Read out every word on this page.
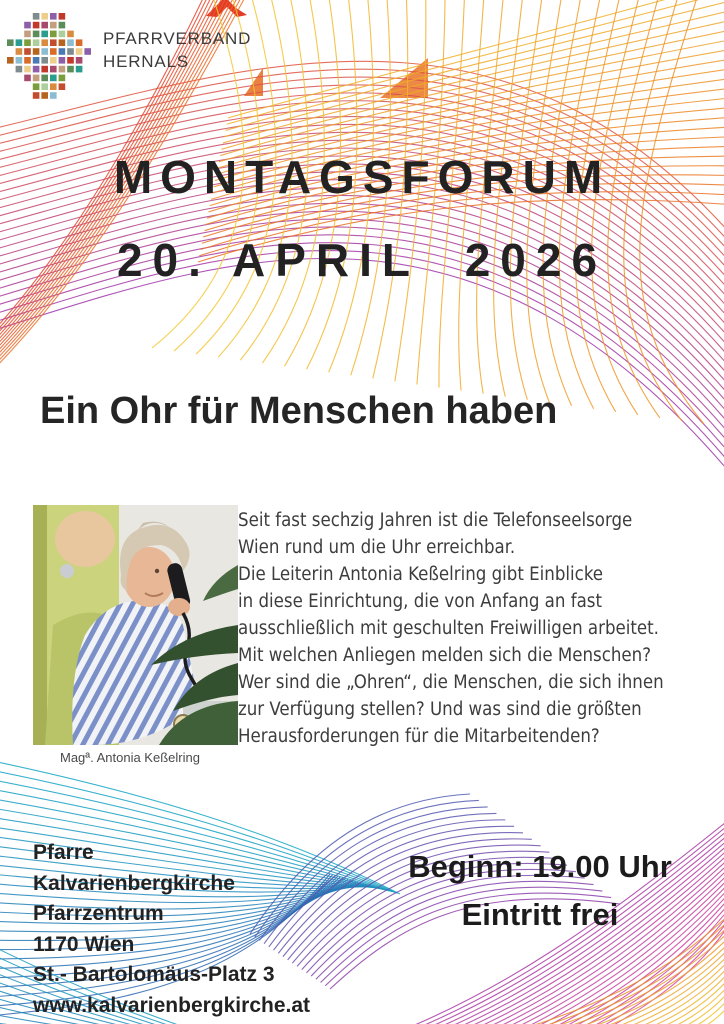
PFARRVERBAND
HERNALS
MONTAGSFORUM
20. APRIL  2026
Ein Ohr für Menschen haben
Magª. Antonia Keßelring
Seit fast sechzig Jahren ist die Telefonseelsorge
Wien rund um die Uhr erreichbar.
Die Leiterin Antonia Keßelring gibt Einblicke
in diese Einrichtung, die von Anfang an fast
ausschließlich mit geschulten Freiwilligen arbeitet.
Mit welchen Anliegen melden sich die Menschen?
Wer sind die „Ohren“, die Menschen, die sich ihnen
zur Verfügung stellen? Und was sind die größten
Herausforderungen für die Mitarbeitenden?
Pfarre
Kalvarienbergkirche
Pfarrzentrum
1170 Wien
St.- Bartolomäus-Platz 3
www.kalvarienbergkirche.at
Beginn: 19.00 Uhr
Eintritt frei
